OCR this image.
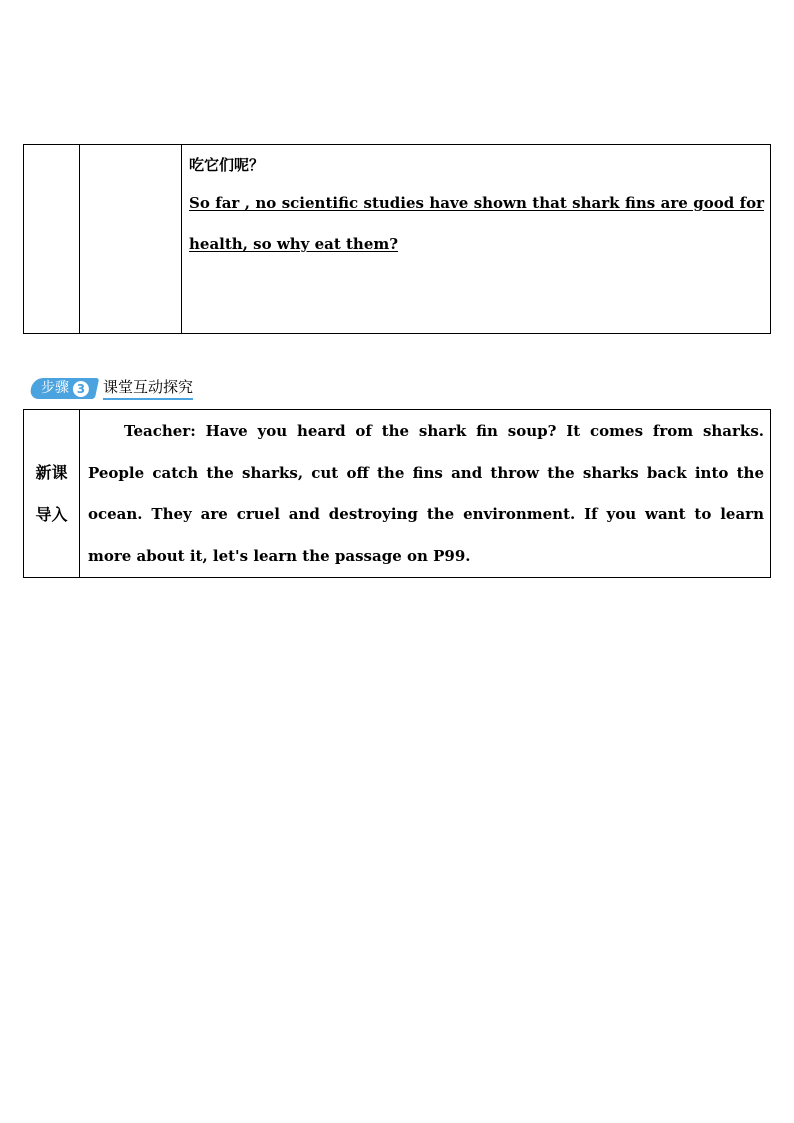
吃它们呢？
So far , no scientific studies have shown that shark fins are good for
health, so why eat them?
步骤 3 课堂互动探究
新课
导入

Teacher: Have you heard of the shark fin soup? It comes from sharks. People catch the sharks, cut off the fins and throw the sharks back into the ocean. They are cruel and destroying the environment. If you want to learn more about it, let's learn the passage on P99.
